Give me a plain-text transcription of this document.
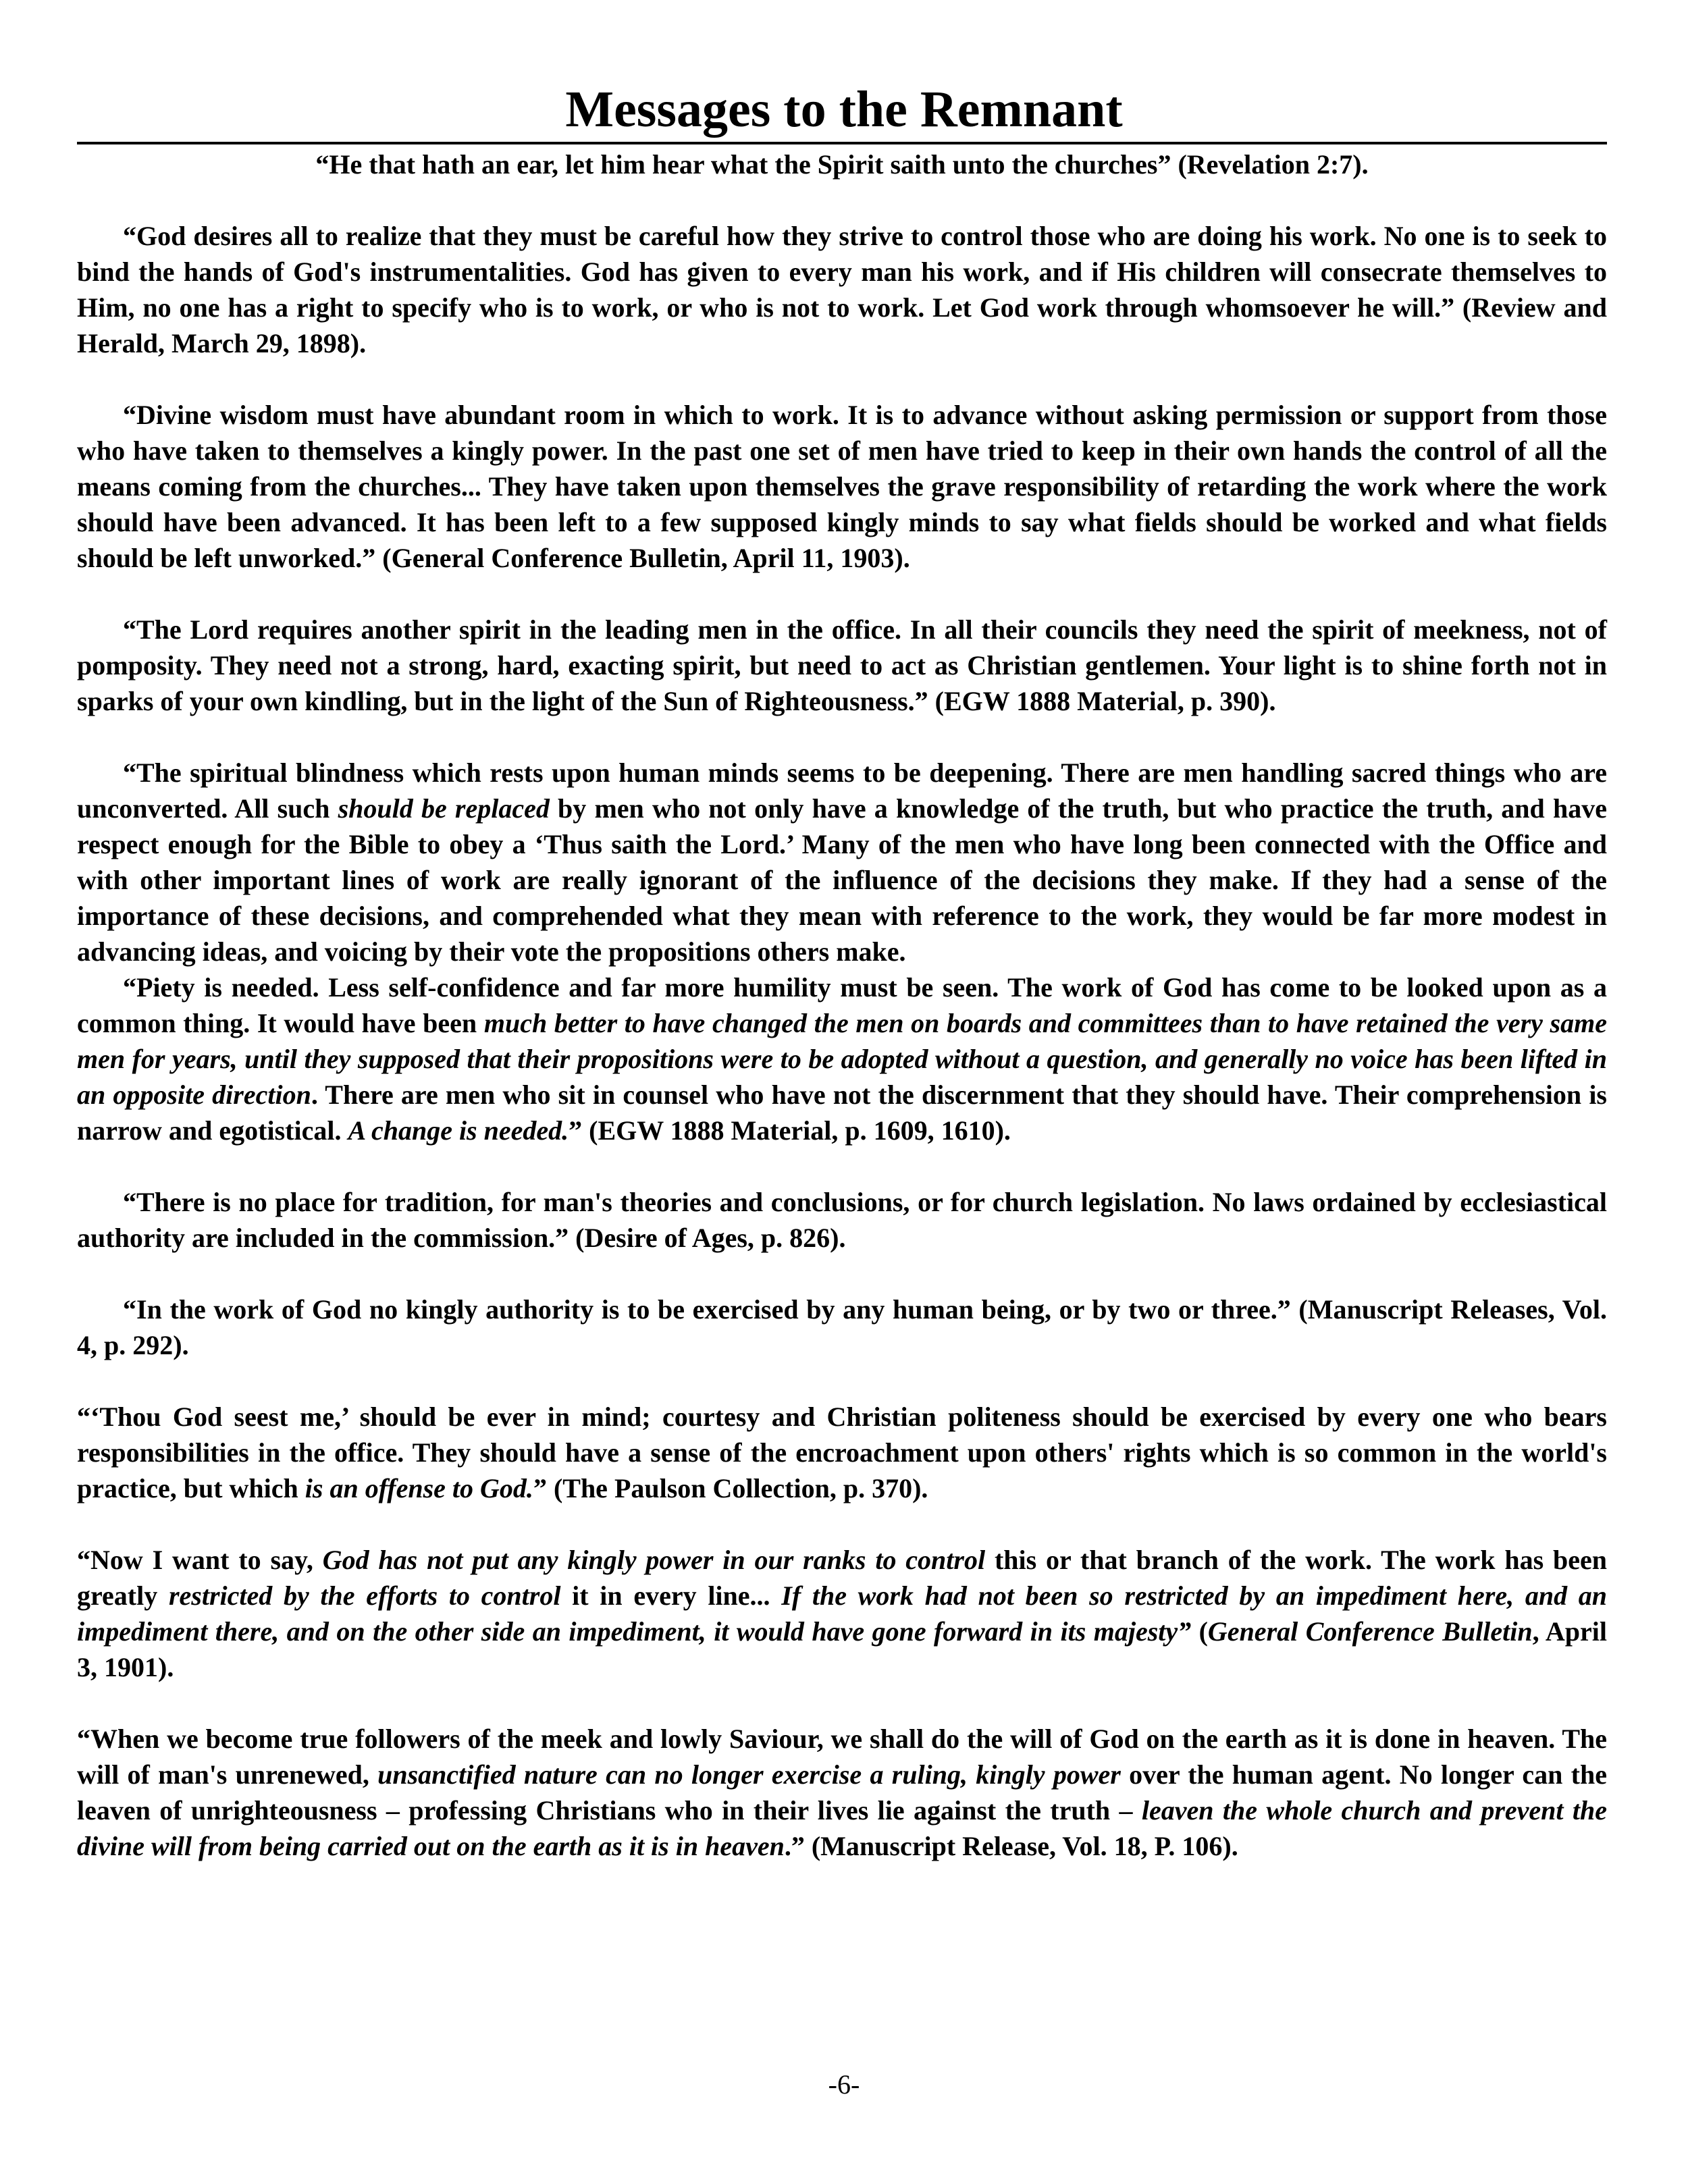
Messages to the Remnant

“He that hath an ear, let him hear what the Spirit saith unto the churches” (Revelation 2:7).

“God desires all to realize that they must be careful how they strive to control those who are doing his work. No one is to seek to bind the hands of God's instrumentalities. God has given to every man his work, and if His children will consecrate themselves to Him, no one has a right to specify who is to work, or who is not to work. Let God work through whomsoever he will.” (Review and Herald, March 29, 1898).

“Divine wisdom must have abundant room in which to work. It is to advance without asking permission or support from those who have taken to themselves a kingly power. In the past one set of men have tried to keep in their own hands the control of all the means coming from the churches... They have taken upon themselves the grave responsibility of retarding the work where the work should have been advanced. It has been left to a few supposed kingly minds to say what fields should be worked and what fields should be left unworked.” (General Conference Bulletin, April 11, 1903).

“The Lord requires another spirit in the leading men in the office. In all their councils they need the spirit of meekness, not of pomposity. They need not a strong, hard, exacting spirit, but need to act as Christian gentlemen. Your light is to shine forth not in sparks of your own kindling, but in the light of the Sun of Righteousness.” (EGW 1888 Material, p. 390).

“The spiritual blindness which rests upon human minds seems to be deepening. There are men handling sacred things who are unconverted. All such should be replaced by men who not only have a knowledge of the truth, but who practice the truth, and have respect enough for the Bible to obey a ‘Thus saith the Lord.’ Many of the men who have long been connected with the Office and with other important lines of work are really ignorant of the influence of the decisions they make. If they had a sense of the importance of these decisions, and comprehended what they mean with reference to the work, they would be far more modest in advancing ideas, and voicing by their vote the propositions others make.

“Piety is needed. Less self-confidence and far more humility must be seen. The work of God has come to be looked upon as a common thing. It would have been much better to have changed the men on boards and committees than to have retained the very same men for years, until they supposed that their propositions were to be adopted without a question, and generally no voice has been lifted in an opposite direction. There are men who sit in counsel who have not the discernment that they should have. Their comprehension is narrow and egotistical. A change is needed.” (EGW 1888 Material, p. 1609, 1610).

“There is no place for tradition, for man's theories and conclusions, or for church legislation. No laws ordained by ecclesiastical authority are included in the commission.” (Desire of Ages, p. 826).

“In the work of God no kingly authority is to be exercised by any human being, or by two or three.” (Manuscript Releases, Vol. 4, p. 292).

“‘Thou God seest me,’ should be ever in mind; courtesy and Christian politeness should be exercised by every one who bears responsibilities in the office. They should have a sense of the encroachment upon others' rights which is so common in the world's practice, but which is an offense to God.” (The Paulson Collection, p. 370).

“Now I want to say, God has not put any kingly power in our ranks to control this or that branch of the work. The work has been greatly restricted by the efforts to control it in every line... If the work had not been so restricted by an impediment here, and an impediment there, and on the other side an impediment, it would have gone forward in its majesty” (General Conference Bulletin, April 3, 1901).

“When we become true followers of the meek and lowly Saviour, we shall do the will of God on the earth as it is done in heaven. The will of man's unrenewed, unsanctified nature can no longer exercise a ruling, kingly power over the human agent. No longer can the leaven of unrighteousness – professing Christians who in their lives lie against the truth – leaven the whole church and prevent the divine will from being carried out on the earth as it is in heaven.” (Manuscript Release, Vol. 18, P. 106).

-6-
